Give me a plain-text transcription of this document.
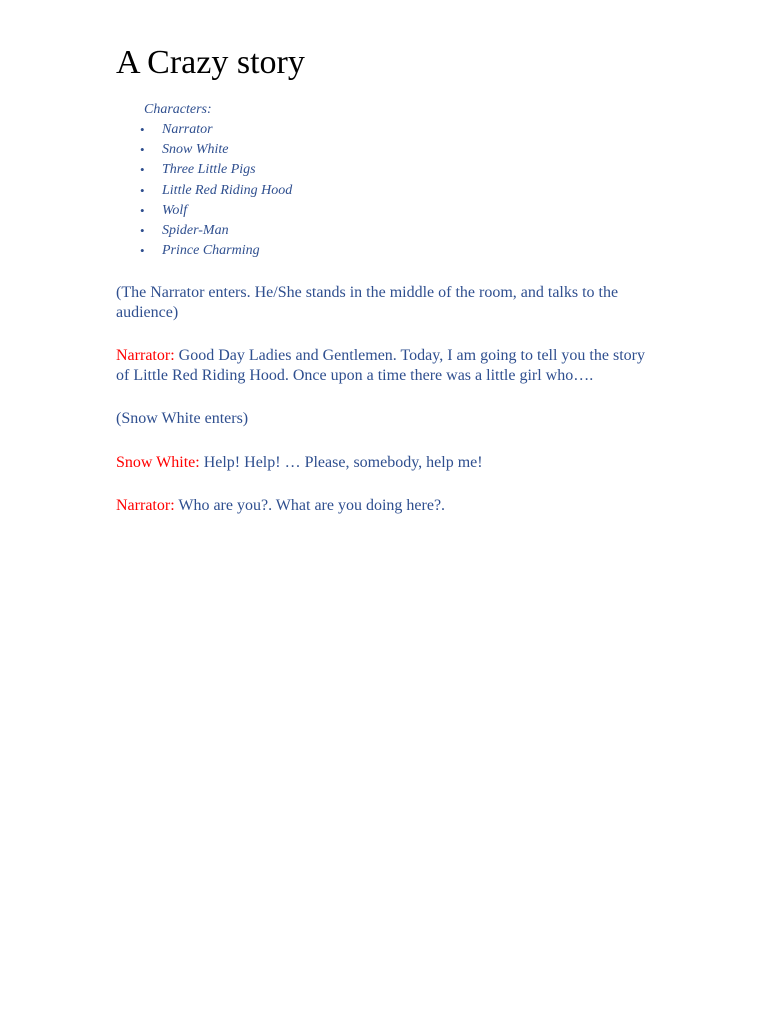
A Crazy story
Characters:
• Narrator
• Snow White
• Three Little Pigs
• Little Red Riding Hood
• Wolf
• Spider-Man
• Prince Charming

(The Narrator enters. He/She stands in the middle of the room, and talks to the audience)

Narrator: Good Day Ladies and Gentlemen. Today, I am going to tell you the story of Little Red Riding Hood. Once upon a time there was a little girl who….

(Snow White enters)

Snow White: Help! Help! … Please, somebody, help me!

Narrator: Who are you?. What are you doing here?.
